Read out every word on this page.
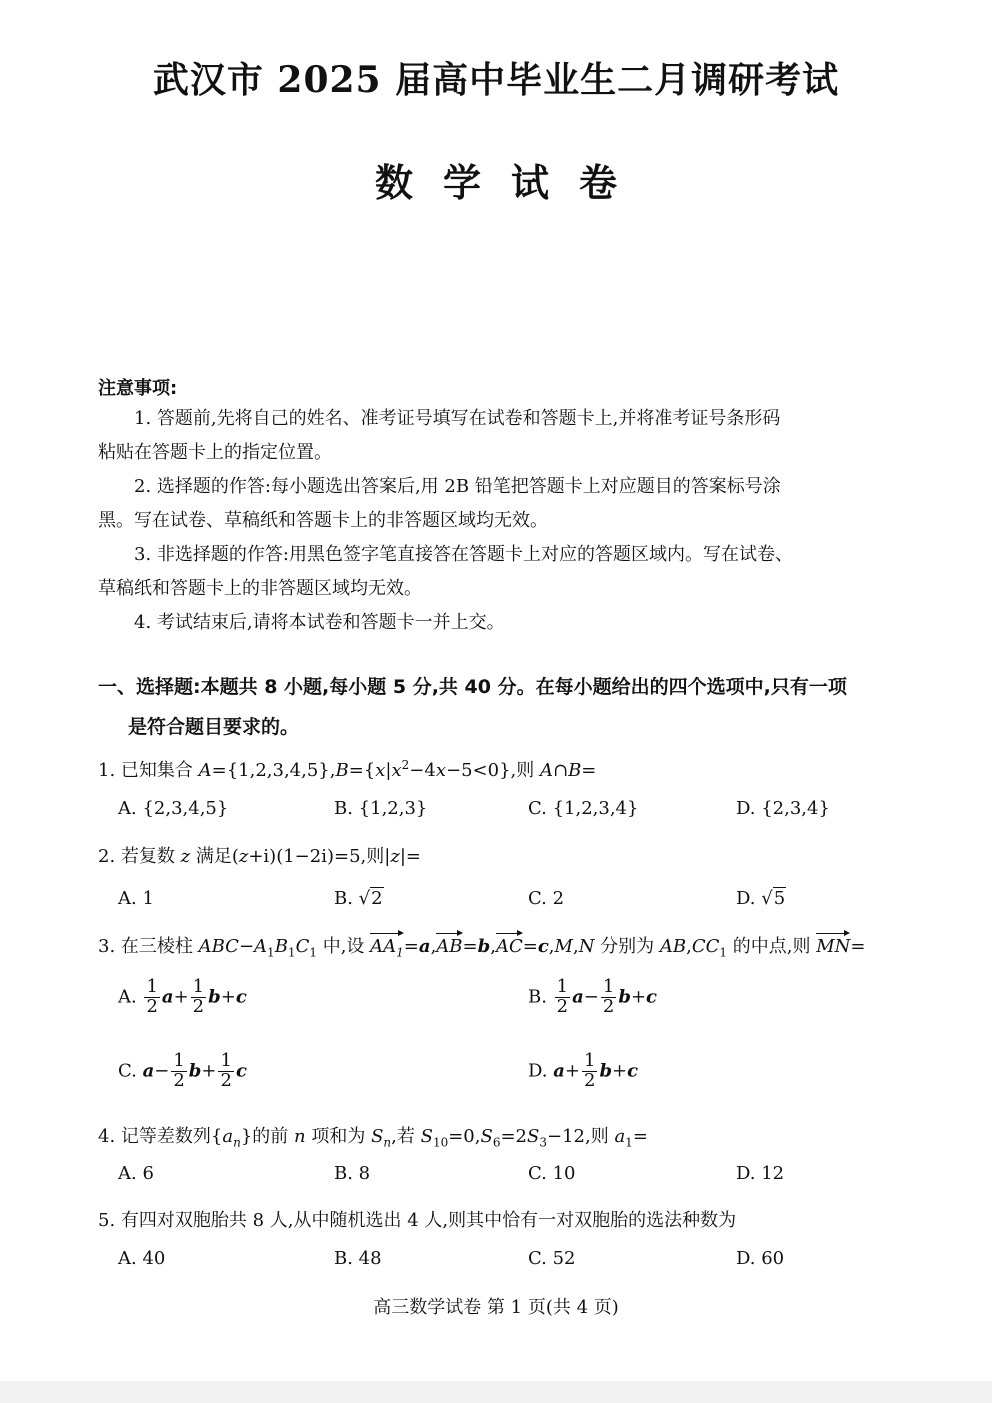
武汉市 2025 届高中毕业生二月调研考试
数学试卷
注意事项:
1. 答题前,先将自己的姓名、准考证号填写在试卷和答题卡上,并将准考证号条形码
粘贴在答题卡上的指定位置。
2. 选择题的作答:每小题选出答案后,用 2B 铅笔把答题卡上对应题目的答案标号涂
黑。写在试卷、草稿纸和答题卡上的非答题区域均无效。
3. 非选择题的作答:用黑色签字笔直接答在答题卡上对应的答题区域内。写在试卷、
草稿纸和答题卡上的非答题区域均无效。
4. 考试结束后,请将本试卷和答题卡一并上交。
一、选择题:本题共 8 小题,每小题 5 分,共 40 分。在每小题给出的四个选项中,只有一项
是符合题目要求的。
1. 已知集合 $A=\{1,2,3,4,5\},B=\{x|x^2-4x-5<0\}$,则 A∩B=
A. {2,3,4,5}	B. {1,2,3}	C. {1,2,3,4}	D. {2,3,4}
2. 若复数 z 满足(z+i)(1−2i)=5,则|z|=
A. 1	B. √2	C. 2	D. √5
3. 在三棱柱 $ABC-A_1B_1C_1$ 中,设 $AA_1=a,AB=b,AC=c,M,N$ 分别为 $AB,CC_1$ 的中点,则 MN=
A. $\frac{1}{2} a+ \frac{1}{2} b+c$	B. $\frac{1}{2} a- \frac{1}{2} b+c$
C. $a- \frac{1}{2} b+ \frac{1}{2}$ c	D. $a+ \frac{1}{2} b+c$
4. 记等差数列$\{a_n\}$的前 n 项和为 $S_n$,若 $S_{10}=0,S_6=2S_3-12$,则 $a_1=$
A. 6	B. 8	C. 10	D. 12
5. 有四对双胞胎共 8 人,从中随机选出 4 人,则其中恰有一对双胞胎的选法种数为
A. 40	B. 48	C. 52	D. 60
高三数学试卷 第 1 页(共 4 页)
